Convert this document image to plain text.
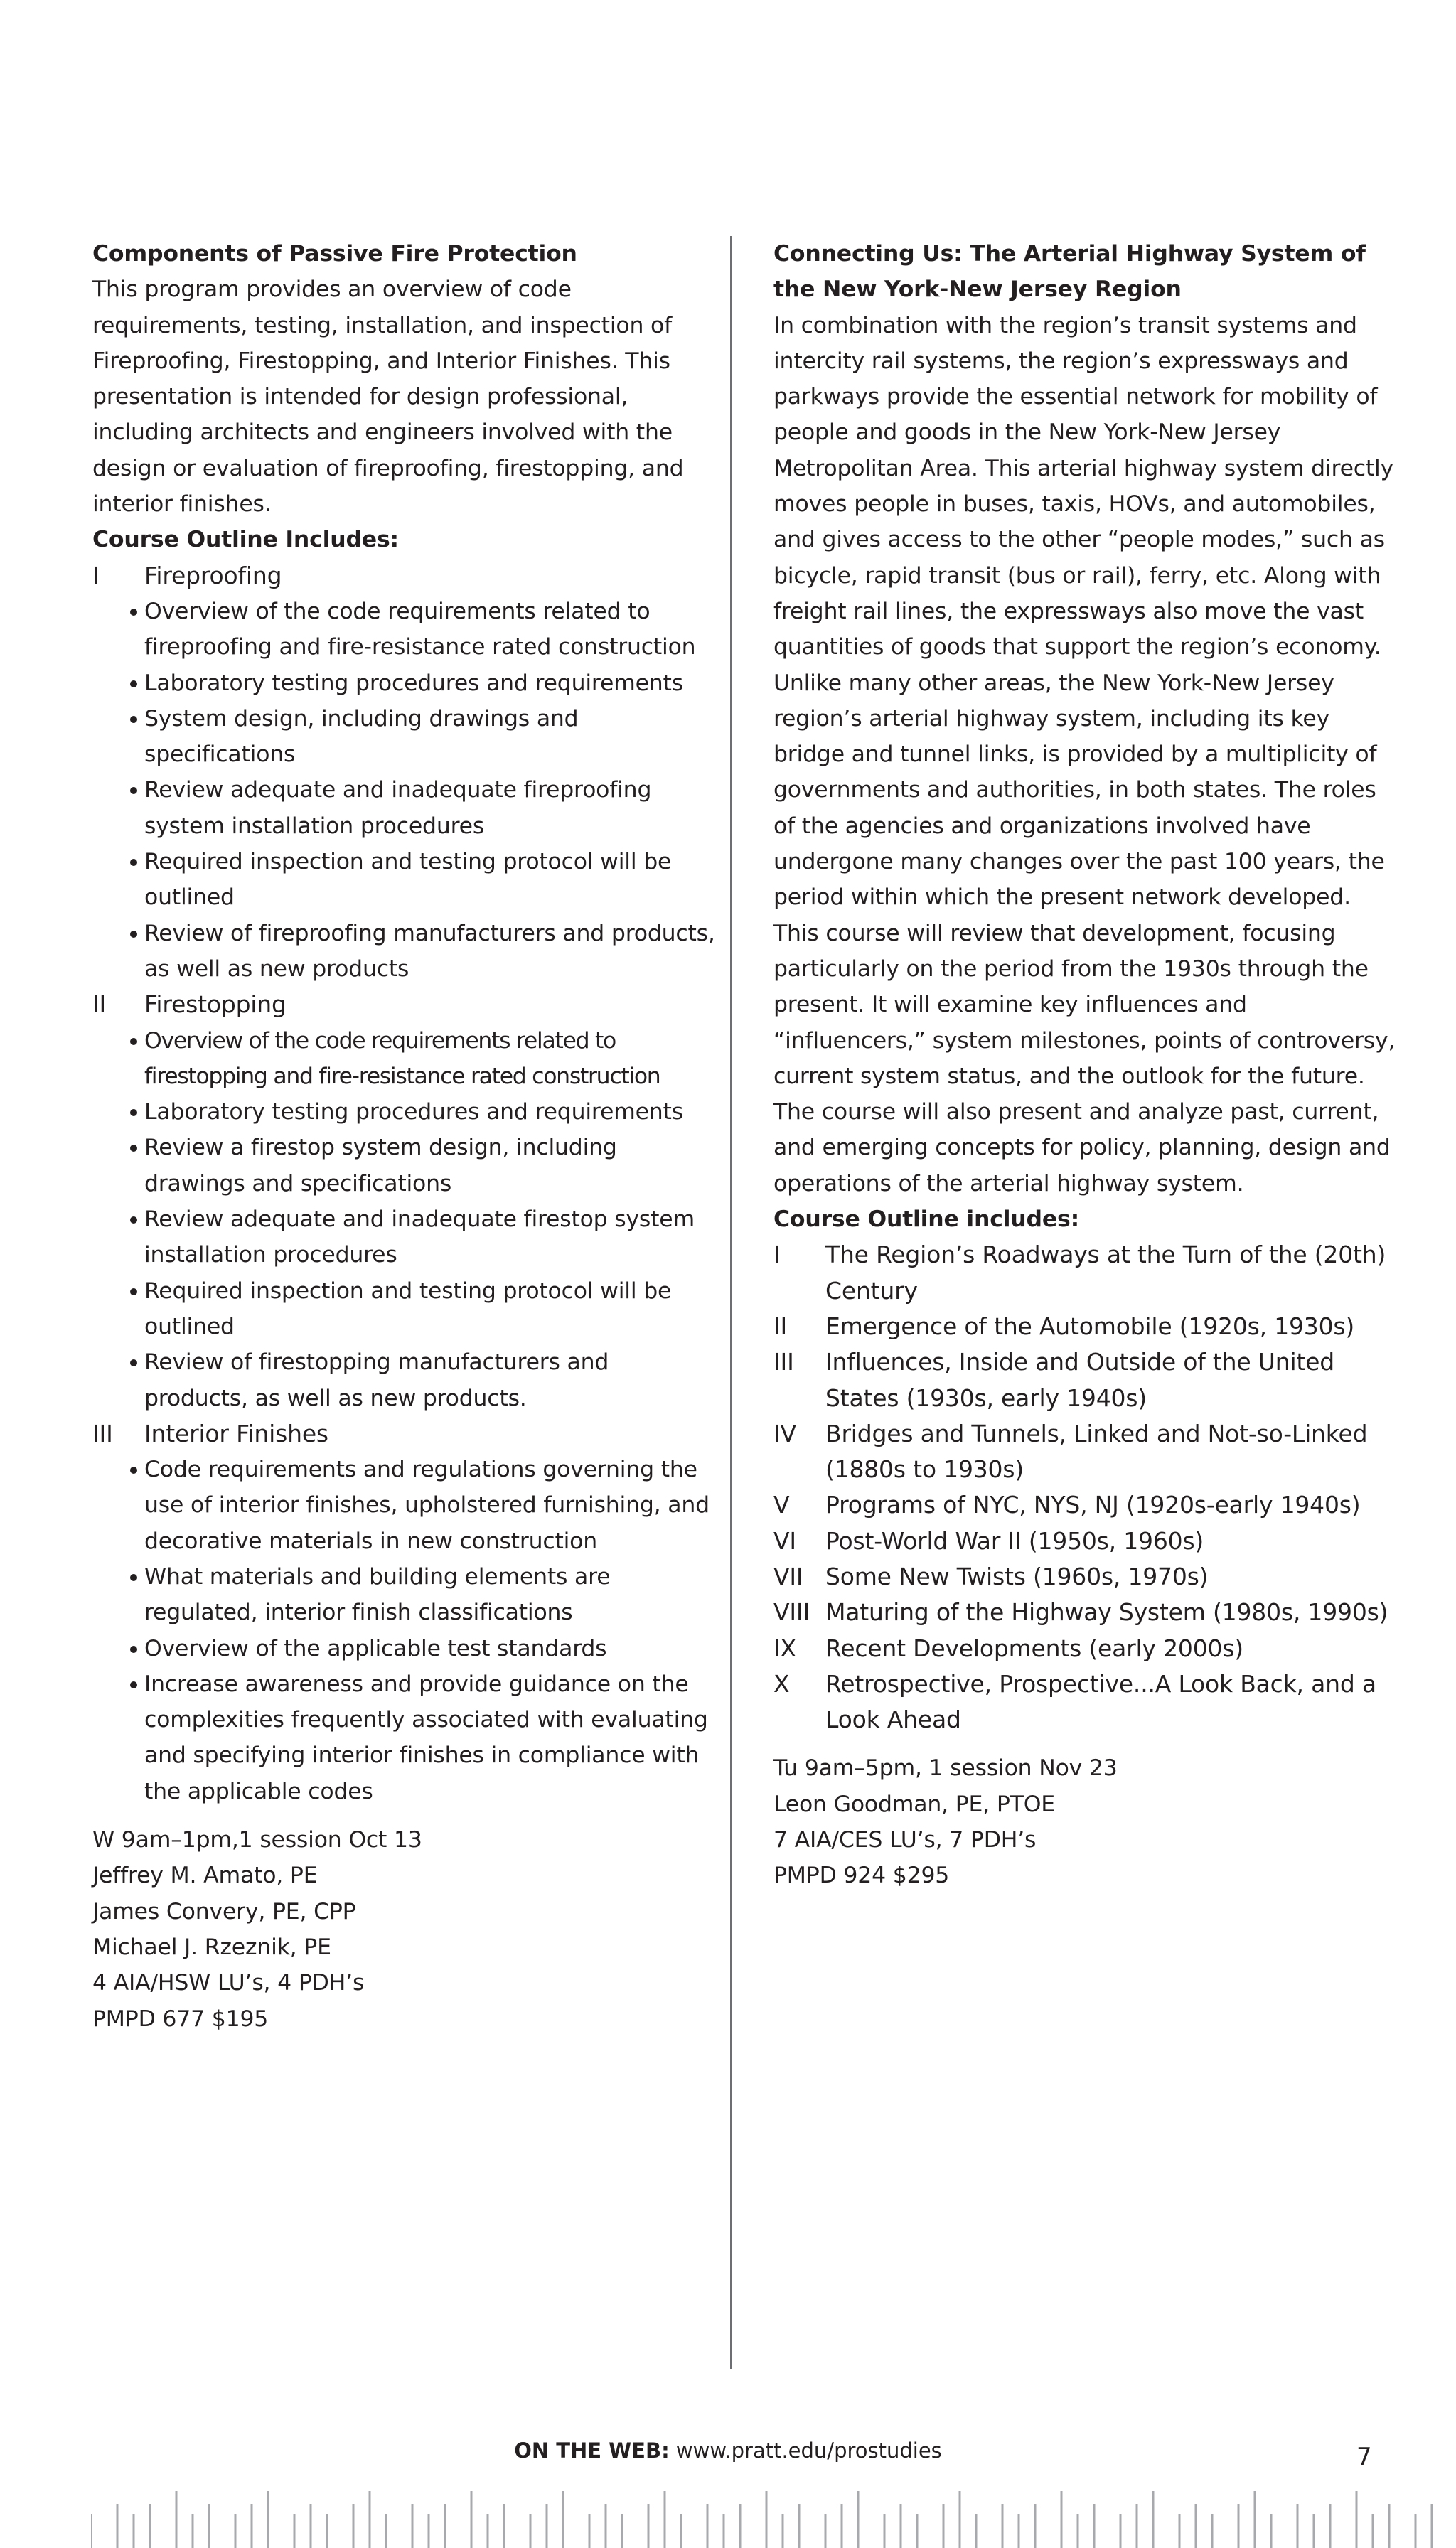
Components of Passive Fire Protection

This program provides an overview of code requirements, testing, installation, and inspection of Fireproofing, Firestopping, and Interior Finishes. This presentation is intended for design professional, including architects and engineers involved with the design or evaluation of fireproofing, firestopping, and interior finishes.

Course Outline Includes:
I	Fireproofing
Overview of the code requirements related to fireproofing and fire-resistance rated construction
Laboratory testing procedures and requirements
System design, including drawings and specifications
Review adequate and inadequate fireproofing system installation procedures
Required inspection and testing protocol will be outlined
Review of fireproofing manufacturers and products, as well as new products
II	Firestopping
Overview of the code requirements related to firestopping and fire-resistance rated construction
Laboratory testing procedures and requirements
Review a firestop system design, including drawings and specifications
Review adequate and inadequate firestop system installation procedures
Required inspection and testing protocol will be outlined
Review of firestopping manufacturers and products, as well as new products.
III	Interior Finishes
Code requirements and regulations governing the use of interior finishes, upholstered furnishing, and decorative materials in new construction
What materials and building elements are regulated, interior finish classifications
Overview of the applicable test standards
Increase awareness and provide guidance on the complexities frequently associated with evaluating and specifying interior finishes in compliance with the applicable codes
W 9am–1pm,1 session Oct 13
Jeffrey M. Amato, PE
James Convery, PE, CPP
Michael J. Rzeznik, PE
4 AIA/HSW LU’s, 4 PDH’s
PMPD 677 $195
Connecting Us: The Arterial Highway System of the New York-New Jersey Region

In combination with the region’s transit systems and intercity rail systems, the region’s expressways and parkways provide the essential network for mobility of people and goods in the New York-New Jersey Metropolitan Area. This arterial highway system directly moves people in buses, taxis, HOVs, and automobiles, and gives access to the other “people modes,” such as bicycle, rapid transit (bus or rail), ferry, etc. Along with freight rail lines, the expressways also move the vast quantities of goods that support the region’s economy. Unlike many other areas, the New York-New Jersey region’s arterial highway system, including its key bridge and tunnel links, is provided by a multiplicity of governments and authorities, in both states. The roles of the agencies and organizations involved have undergone many changes over the past 100 years, the period within which the present network developed. This course will review that development, focusing particularly on the period from the 1930s through the present. It will examine key influences and “influencers,” system milestones, points of controversy, current system status, and the outlook for the future. The course will also present and analyze past, current, and emerging concepts for policy, planning, design and operations of the arterial highway system.

Course Outline includes:
I	The Region’s Roadways at the Turn of the (20th) Century
II	Emergence of the Automobile (1920s, 1930s)
III	Influences, Inside and Outside of the United States (1930s, early 1940s)
IV	Bridges and Tunnels, Linked and Not-so-Linked (1880s to 1930s)
V	Programs of NYC, NYS, NJ (1920s-early 1940s)
VI	Post-World War II (1950s, 1960s)
VII Some New Twists (1960s, 1970s)
VIII Maturing of the Highway System (1980s, 1990s)
IX	Recent Developments (early 2000s)
X	Retrospective, Prospective...A Look Back, and a Look Ahead
Tu 9am–5pm, 1 session Nov 23
Leon Goodman, PE, PTOE
7 AIA/CES LU’s, 7 PDH’s
PMPD 924 $295
ON THE WEB: www.pratt.edu/prostudies	7
